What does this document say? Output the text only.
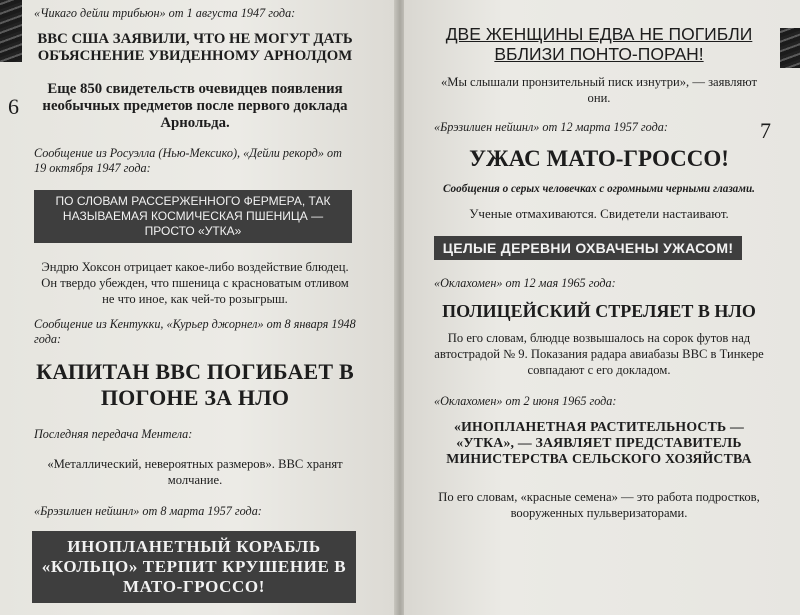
6

«Чикаго дейли трибьюн» от 1 августа 1947 года:

ВВС США ЗАЯВИЛИ, ЧТО НЕ МОГУТ ДАТЬ ОБЪЯСНЕНИЕ УВИДЕННОМУ АРНОЛДОМ

Еще 850 свидетельств очевидцев появления необычных предметов после первого доклада Арнольда.

Сообщение из Росуэлла (Нью-Мексико), «Дейли рекорд» от 19 октября 1947 года:

ПО СЛОВАМ РАССЕРЖЕННОГО ФЕРМЕРА, ТАК НАЗЫВАЕМАЯ КОСМИЧЕСКАЯ ПШЕНИЦА — ПРОСТО «УТКА»

Эндрю Хоксон отрицает какое-либо воздействие блюдец. Он твердо убежден, что пшеница с красноватым отливом не что иное, как чей-то розыгрыш.

Сообщение из Кентукки, «Курьер джорнел» от 8 января 1948 года:

КАПИТАН ВВС ПОГИБАЕТ В ПОГОНЕ ЗА НЛО

Последняя передача Ментела:

«Металлический, невероятных размеров». ВВС хранят молчание.

«Брэзилиен нейшнл» от 8 марта 1957 года:

ИНОПЛАНЕТНЫЙ КОРАБЛЬ «КОЛЬЦО» ТЕРПИТ КРУШЕНИЕ В МАТО-ГРОССО!

7

ДВЕ ЖЕНЩИНЫ ЕДВА НЕ ПОГИБЛИ ВБЛИЗИ ПОНТО-ПОРАН!

«Мы слышали пронзительный писк изнутри», — заявляют они.

«Брэзилиен нейшнл» от 12 марта 1957 года:

УЖАС МАТО-ГРОССО!

Сообщения о серых человечках с огромными черными глазами.

Ученые отмахиваются. Свидетели настаивают.

ЦЕЛЫЕ ДЕРЕВНИ ОХВАЧЕНЫ УЖАСОМ!

«Оклахомен» от 12 мая 1965 года:

ПОЛИЦЕЙСКИЙ СТРЕЛЯЕТ В НЛО

По его словам, блюдце возвышалось на сорок футов над автострадой № 9. Показания радара авиабазы ВВС в Тинкере совпадают с его докладом.

«Оклахомен» от 2 июня 1965 года:

«ИНОПЛАНЕТНАЯ РАСТИТЕЛЬНОСТЬ — «УТКА», — ЗАЯВЛЯЕТ ПРЕДСТАВИТЕЛЬ МИНИСТЕРСТВА СЕЛЬСКОГО ХОЗЯЙСТВА

По его словам, «красные семена» — это работа подростков, вооруженных пульверизаторами.
